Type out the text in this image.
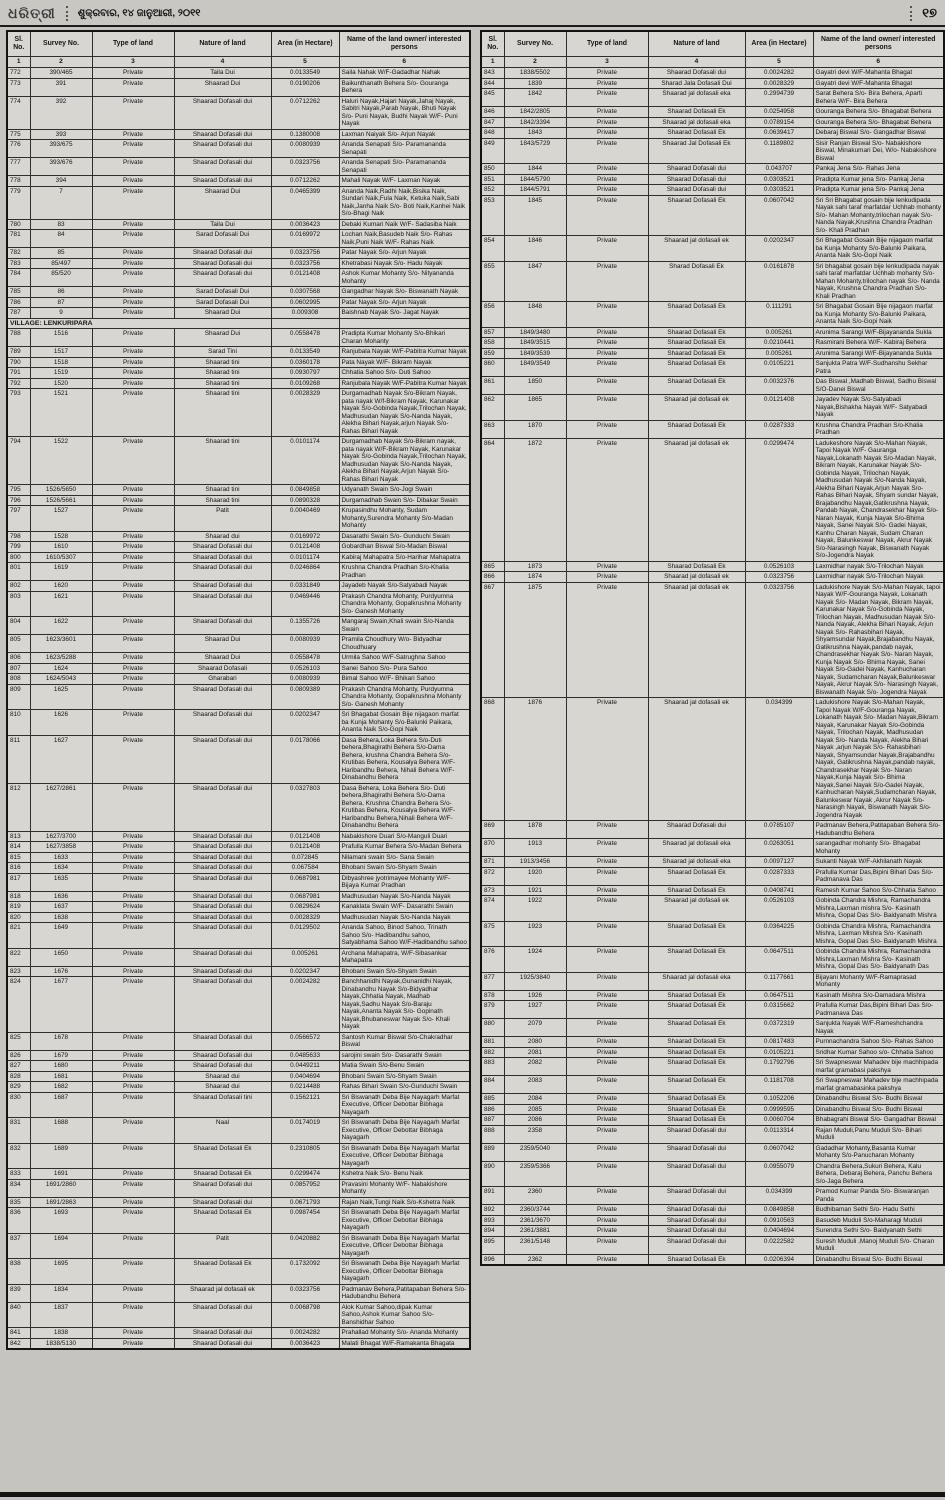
ଧରିତ୍ରୀ ଶୁକ୍ରବାର, ୧୪ ଜାନୁଆରୀ, ୨୦୧୧	୧୭
Sl. No.	Survey No.	Type of land	Nature of land	Area (in Hectare)	Name of the land owner/ interested persons
1	2	3	4	5	6
772	390/465	Private	Taila Dui	0.0133549	Saila Nahak W/F-Gadadhar Nahak
773	391	Private	Shaarad Dui	0.0190206	Baikunthanath Behera S/o- Gouranga Behera
774	392	Private	Shaarad Dofasali dui	0.0712262	Haluri Nayak,Hajari Nayak,Jahaj Nayak, Sabitri Nayak,Parab Nayak, Bhuti Nayak S/o- Puni Nayak, Budhi Nayak W/F- Puni Nayak
775	393	Private	Shaarad Dofasali dui	0.1380008	Laxman Naiyak S/o- Arjun Nayak
776	393/675	Private	Shaarad Dofasali dui	0.0080939	Ananda Senapati S/o- Paramananda Senapati
777	393/676	Private	Shaarad Dofasali dui	0.0323756	Ananda Senapati S/o- Paramananda Senapati
778	394	Private	Shaarad Dofasali dui	0.0712262	Mahali Nayak W/F- Laxman Nayak
779	7	Private	Shaarad Dui	0.0465399	Ananda Naik,Radhi Naik,Bisika Naik, Sundari Naik,Fula Naik, Ketuka Naik,Sabi Naik,Janha Naik S/o- Boti Naik,Kanhei Naik S/o-Bhagi Naik
780	83	Private	Taila Dui	0.0036423	Debaki Kumari Naik W/F- Sadasiba Naik
781	84	Private	Sarad Dofasali Dui	0.0169972	Lochan Naik,Basudeb Naik S/o- Rahas Naik,Puni Naik W/F- Rahas Naik
782	85	Private	Shaarad Dofasali dui	0.0323756	Patar Nayak S/o- Arjun Nayak
783	85/497	Private	Shaarad Dofasali dui	0.0323756	Khetrabasi Nayak S/o- Hadu Nayak
784	85/520	Private	Shaarad Dofasali dui	0.0121408	Ashok Kumar Mohanty S/o- Nityananda Mohanty
785	86	Private	Sarad Dofasali Dui	0.0307568	Gangadhar Nayak S/o- Biswanath Nayak
786	87	Private	Sarad Dofasali Dui	0.0602995	Patar Nayak S/o- Arjun Nayak
787	9	Private	Shaarad Dui	0.009308	Baishnab Nayak S/o- Jagat Nayak
VILLAGE: LENKURIPARA					
788	1516	Private	Shaarad Dui	0.0558478	Pradipta Kumar Mohanty S/o-Bhikari Charan Mohanty
789	1517	Private	Sarad Tini	0.0133549	Ranjubala Nayak W/F-Pabitra Kumar Nayak
790	1518	Private	Shaarad tini	0.0360178	Pata Nayak W/F- Bikram Nayak
791	1519	Private	Shaarad tini	0.0930797	Chhatia Sahoo S/o- Duti Sahoo
792	1520	Private	Shaarad tini	0.0109268	Ranjubala Nayak W/F-Pabitra Kumar Nayak
793	1521	Private	Shaarad tini	0.0028329	Durgamadhab Nayak S/o-Bikram Nayak, pata nayak W/f-Bikram Nayak, Karunakar Nayak S/o-Gobinda Nayak,Trilochan Nayak, Madhusudan Nayak S/o-Nanda Nayak, Alekha Bihari Nayak,arjun Nayak S/o- Rahas Bihari Nayak
794	1522	Private	Shaarad tini	0.0101174	Durgamadhab Nayak S/o-Bikram nayak, pata nayak W/F-Bikram Nayak, Karunakar Nayak S/o-Gobinda Nayak,Trilochan Nayak, Madhusudan Nayak S/o-Nanda Nayak, Alekha Bihari Nayak,Arjun Nayak S/o- Rahas Bihari Nayak
795	1526/5650	Private	Shaarad tini	0.0849858	Udyanath Swain S/o-Jogi Swain
796	1526/5661	Private	Shaarad tini	0.0890328	Durgamadhab Swain S/o- Dibakar Swain
797	1527	Private	Patit	0.0040469	Krupasindhu Mohanty, Sudam Mohanty,Surendra Mohanty S/o-Madan Mohanty
798	1528	Private	Shaarad dui	0.0169972	Dasarathi Swain S/o- Gunduchi Swain
799	1610	Private	Shaarad Dofasali dui	0.0121408	Gobardhan Biswal S/o-Madan Biswal
800	1610/5307	Private	Shaarad Dofasali dui	0.0101174	Kabiraj Mahapatra S/o-Harihar Mahapatra
801	1619	Private	Shaarad Dofasali dui	0.0246864	Krushna Chandra Pradhan S/o-Khalia Pradhan
802	1620	Private	Shaarad Dofasali dui	0.0331849	Jayadeb Nayak S/o-Satyabadi Nayak
803	1621	Private	Shaarad Dofasali dui	0.0469446	Prakash Chandra Mohanty, Purdyumna Chandra Mohanty, Gopalkrushna Mohanty S/o- Ganesh Mohanty
804	1622	Private	Shaarad Dofasali dui	0.1355726	Mangaraj Swain,Khali swain S/o-Nanda Swain
805	1623/3601	Private	Shaarad Dui	0.0080939	Pramila Choudhury W/o- Bidyadhar Choudhuary
806	1623/5288	Private	Shaarad Dui	0.0558478	Urmila Sahoo W/F-Satrughna Sahoo
807	1624	Private	Shaarad Dofasali	0.0526103	Sanei Sahoo S/o- Pura Sahoo
808	1624/5043	Private	Gharabari	0.0080939	Bimal Sahoo W/F- Bhikari Sahoo
809	1625	Private	Shaarad Dofasali dui	0.0809389	Prakash Chandra Mohanty, Purdyumna Chandra Mohanty, Gopalkrushna Mohanty S/o- Ganesh Mohanty
810	1626	Private	Shaarad Dofasali dui	0.0202347	Sri Bhagabat Gosain Bije nijagaon marfat ba Kunja Mohanty S/o-Balunki Paikara, Ananta Naik S/o-Gopi Naik
811	1627	Private	Shaarad Dofasali dui	0.0178066	Dasa Behera,Loka Behera S/o-Duti behera,Bhagirathi Behera S/o-Dama Behera, krushna Chandra Behera S/o-Krutibas Behera, Kousalya Behera W/F-Haribandhu Behera, Nihali Behera W/F-Dinabandhu Behera
812	1627/2861	Private	Shaarad Dofasali dui	0.0327803	Dasa Behera, Loka Behera S/o- Duti behera,Bhagirathi Behera S/o-Dama Behera, Krushna Chandra Behera S/o-Krutibas Behera, Kousalya Behera W/F-Haribandhu Behera,Nihali Behera W/F-Dinabandhu Behera
813	1627/3700	Private	Shaarad Dofasali dui	0.0121408	Nabakishore Duari S/o-Manguli Duari
814	1627/3858	Private	Shaarad Dofasali dui	0.0121408	Prafulla Kumar Behera S/o-Madan Behera
815	1633	Private	Shaarad Dofasali dui	0.072845	Nilamani swain S/o- Sana Swain
816	1634	Private	Shaarad Dofasali dui	0.067584	Bhobani Swain S/o-Shyam Swain
817	1635	Private	Shaarad Dofasali dui	0.0687981	Dibyashree jyotrimayee Mohanty W/F-Bijaya Kumar Pradhan
818	1636	Private	Shaarad Dofasali dui	0.0687981	Madhusudan Nayak S/o-Nanda Nayak
819	1637	Private	Shaarad Dofasali dui	0.0829624	Kanaklata Swain W/F- Dasarathi Swain
820	1638	Private	Shaarad Dofasali dui	0.0028329	Madhusudan Nayak S/o-Nanda Nayak
821	1649	Private	Shaarad Dofasali dui	0.0129502	Ananda Sahoo, Binod Sahoo, Trinath Sahoo S/o- Hadibandhu sahoo, Satyabhama Sahoo W/F-Hadibandhu sahoo
822	1650	Private	Shaarad Dofasali dui	0.005261	Archana Mahapatra, W/F-Sibasankar Mahapatra
823	1676	Private	Shaarad Dofasali dui	0.0202347	Bhobani Swain S/o-Shyam Swain
824	1677	Private	Shaarad Dofasali dui	0.0024282	Banchhanidhi Nayak,Gunanidhi Nayak, Dinabandhu Nayak S/o-Bidyadhar Nayak,Chhatia Nayak, Madhab Nayak,Sadhu Nayak S/o-Baraju Nayak,Ananta Nayak S/o- Gopinath Nayak,Bhubaneswar Nayak S/o- Khali Nayak
825	1678	Private	Shaarad Dofasali dui	0.0566572	Santosh Kumar Biswal S/o-Chakradhar Biswal
826	1679	Private	Shaarad Dofasali dui	0.0485633	sarojini swain S/o- Dasarathi Swain
827	1680	Private	Shaarad Dofasali dui	0.0449211	Matia Swain S/o-Benu Swain
828	1681	Private	Shaarad dui	0.0404694	Bhobani Swain S/o-Shyam Swain
829	1682	Private	Shaarad dui	0.0214488	Rahas Bihari Swain S/o-Gunduchi Swain
830	1687	Private	Shaarad Dofasali tini	0.1562121	Sri Biswanath Deba Bije Nayagarh Marfat Executive, Officer Debottar Bibhaga Nayagarh
831	1688	Private	Naal	0.0174019	Sri Biswanath Deba Bije Nayagarh Marfat Executive, Officer Debottar Bibhaga Nayagarh
832	1689	Private	Shaarad Dofasali Ek	0.2310805	Sri Biswanath Deba Bije Nayagarh Marfat Executive, Officer Debottar Bibhaga Nayagarh
833	1691	Private	Shaarad Dofasali Ek	0.0299474	Kshetra Naik S/o- Benu Naik
834	1691/2860	Private	Shaarad Dofasali dui	0.0857952	Pravasini Mohanty W/F- Nabakishore Mohanty
835	1691/2863	Private	Shaarad Dofasali dui	0.0671793	Rajan Naik,Tungi Naik S/o-Kshetra Naik
836	1693	Private	Shaarad Dofasali Ek	0.0987454	Sri Biswanath Deba Bije Nayagarh Marfat Executive, Officer Debottar Bibhaga Nayagarh
837	1694	Private	Patit	0.0420882	Sri Biswanath Deba Bije Nayagarh Marfat Executive, Officer Debottar Bibhaga Nayagarh
838	1695	Private	Shaarad Dofasali Ek	0.1732092	Sri Biswanath Deba Bije Nayagarh Marfat Executive, Officer Debottar Bibhaga Nayagarh
839	1834	Private	Shaarad jal dofasali ek	0.0323756	Padmanav Behera,Patitapaban Behera S/o- Hadubandhu Behera
840	1837	Private	Shaarad Dofasali dui	0.0068798	Alok Kumar Sahoo,dipak Kumar Sahoo,Ashok Kumar Sahoo S/o- Banshidhar Sahoo
841	1838	Private	Shaarad Dofasali dui	0.0024282	Prahallad Mohanty S/o- Ananda Mohanty
842	1838/5130	Private	Shaarad Dofasali dui	0.0036423	Malati Bhagat W/F-Ramakanta Bhagata
Sl. No.	Survey No.	Type of land	Nature of land	Area (in Hectare)	Name of the land owner/ interested persons
1	2	3	4	5	6
843	1838/5502	Private	Shaarad Dofasali dui	0.0024282	Gayatri devi W/F-Mahanta Bhagat
844	1839	Private	Sharad Jala Dofasali Dui	0.0028329	Gayatri devi W/F-Mahanta Bhagat
845	1842	Private	Shaarad jal dofasali eka	0.2994739	Sarat Behera S/o- Bira Behera, Aparti Behera W/F- Bira Behera
846	1842/2805	Private	Shaarad Dofasali Ek	0.0254958	Gouranga Behera S/o- Bhagabat Behera
847	1842/3394	Private	Shaarad jal dofasali eka	0.0789154	Gouranga Behera S/o- Bhagabat Behera
848	1843	Private	Shaarad Dofasali Ek	0.0639417	Debaraj Biswal S/o- Gangadhar Biswal
849	1843/5729	Private	Shaarad Jal Dofasali Ek	0.1189802	Sisir Ranjan Biswal S/o- Nabakishore Biswal, Minakumari Dei, W/o- Nabakishore Biswal
850	1844	Private	Shaarad Dofasali dui	0.043707	Pankaj Jena S/o- Rahas Jena
851	1844/5790	Private	Shaarad Dofasali dui	0.0303521	Pradipta Kumar jena S/o- Pankaj Jena
852	1844/5791	Private	Shaarad Dofasali dui	0.0303521	Pradipta Kumar jena S/o- Pankaj Jena
853	1845	Private	Shaarad Dofasali Ek	0.0607042	Sri Sri Bhagabat gosain bije lenkudipada Nayak sahi taraf marfatdar Uchhab mohanty S/o- Mahan Mohanty,trilochan nayak S/o- Nanda Nayak,Krushna Chandra Pradhan S/o- Khali Pradhan
854	1846	Private	Shaarad jal dofasali ek	0.0202347	Sri Bhagabat Gosain Bije nijagaon marfat ba Kunja Mohanty S/o-Balunki Paikara, Ananta Naik S/o-Gopi Naik
855	1847	Private	Sharad Dofasali Ek	0.0161878	Sri bhagabat gosain bije lenkudipada nayak sahi taraf marfatdar Uchhab mohanty S/o- Mahan Mohanty,trilochan nayak S/o- Nanda Nayak, Krushna Chandra Pradhan S/o- Khali Pradhan
856	1848	Private	Shaarad Dofasali Ek	0.111291	Sri Bhagabat Gosain Bije nijagaon marfat ba Kunja Mohanty S/o-Balunki Paikara, Ananta Naik S/o-Gopi Naik
857	1849/3480	Private	Shaarad Dofasali Ek	0.005261	Arunima Sarangi W/F-Bijayananda Sukla
858	1849/3515	Private	Shaarad Dofasali Ek	0.0210441	Rasmirani Behera W/F- Kabiraj Behera
859	1849/3539	Private	Shaarad Dofasali Ek	0.005261	Arunima Sarangi W/F-Bijayananda Sukla
860	1849/3549	Private	Shaarad Dofasali Ek	0.0105221	Sanjukta Patra W/F-Sudhanshu Sekhar Patra
861	1850	Private	Shaarad Dofasali Ek	0.0032376	Das Biswal ,Madhab Biswal, Sadhu Biswal S/O-Danei Biswal
862	1865	Private	Shaarad jal dofasali ek	0.0121408	Jayadev Nayak S/o-Satyabadi Nayak,Bishakha Nayak W/F- Satyabadi Nayak
863	1870	Private	Shaarad Dofasali Ek	0.0287333	Krushna Chandra Pradhan S/o-Khalia Pradhan
864	1872	Private	Shaarad jal dofasali ek	0.0299474	Ladukeshore Nayak S/o-Mahan Nayak, Tapoi Nayak W/F- Gauranga Nayak,Lokanath Nayak S/o-Madan Nayak, Bikram Nayak, Karunakar Nayak S/o-Gobinda Nayak, Trilochan Nayak, Madhusudan Nayak S/o-Nanda Nayak, Alekha Bihari Nayak,Arjun Nayak S/o-Rahas Bihari Nayak, Shyam sundar Nayak, Brajabandhu Nayak,Gatikrushna Nayak, Pandab Nayak, Chandrasekhar Nayak S/o-Naran Nayak, Kunja Nayak S/o-Bhima Nayak, Sanei Nayak S/o- Gadei Nayak, Kanhu Charan Nayak, Sudam Charan Nayak, Balunkeswar Nayak, Akrur Nayak S/o-Narasingh Nayak, Biswanath Nayak S/o-Jogendra Nayak
865	1873	Private	Shaarad Dofasali Ek	0.0526103	Laxmidhar nayak S/o-Trilochan Nayak
866	1874	Private	Shaarad jal dofasali ek	0.0323756	Laxmidhar nayak S/o-Trilochan Nayak
867	1875	Private	Shaarad jal dofasali ek	0.0323756	Ladukishore Nayak S/o-Mahan Nayak, tapoi Nayak W/F-Gouranga Nayak, Lokanath Nayak S/o- Madan Nayak, Bikram Nayak, Karunakar Nayak S/o-Gobinda Nayak, Trilochan Nayak, Madhusudan Nayak S/o- Nanda Nayak, Alekha Bihari Nayak, Arjun Nayak S/o- Rahasbihari Nayak, Shyamsundar Nayak,Brajabandhu Nayak, Gatikrushna Nayak,pandab nayak, Chandrasekhar Nayak S/o- Naran Nayak, Kunja Nayak S/o- Bhima Nayak, Sanei Nayak S/o-Gadei Nayak, Kanhucharan Nayak, Sudamcharan Nayak,Balunkeswar Nayak, Akrur Nayak S/o- Narasingh Nayak, Biswanath Nayak S/o- Jogendra Nayak
868	1876	Private	Shaarad jal dofasali ek	0.034399	Ladukishore Nayak S/o-Mahan Nayak, Tapoi Nayak W/F-Gouranga Nayak, Lokanath Nayak S/o- Madan Nayak,Bikram Nayak, Karunakar Nayak S/o-Gobinda Nayak, Trilochan Nayak, Madhusudan Nayak S/o- Nanda Nayak, Alekha Bihari Nayak ,arjun Nayak S/o- Rahasbihari Nayak, Shyamsundar Nayak,Brajabandhu Nayak, Gatikrushna Nayak,pandab nayak, Chandrasekhar Nayak S/o- Naran Nayak,Kunja Nayak S/o- Bhima Nayak,Sanei Nayak S/o-Gadei Nayak, Kanhucharan Nayak,Sudamcharan Nayak, Balunkeswar Nayak ,Akrur Nayak S/o- Narasingh Nayak, Biswanath Nayak S/o- Jogendra Nayak
869	1878	Private	Shaarad Dofasali dui	0.0785107	Padmanav Behera,Patitapaban Behera S/o- Hadubandhu Behera
870	1913	Private	Shaarad jal dofasali eka	0.0263051	sarangadhar mohanty S/o- Bhagabat Mohanty
871	1913/3456	Private	Shaarad jal dofasali eka	0.0097127	Sukanti Nayak W/F-Akhilanath Nayak
872	1920	Private	Shaarad Dofasali Ek	0.0287333	Prafulla Kumar Das,Bipini Bihari Das S/o- Padmanava Das
873	1921	Private	Shaarad Dofasali Ek	0.0408741	Ramesh Kumar Sahoo S/o-Chhatia Sahoo
874	1922	Private	Shaarad jal dofasali ek	0.0526103	Gobinda Chandra Mishra, Ramachandra Mishra,Laxman mishra S/o- Kasinath Mishra, Gopal Das S/o- Baidyanath Mishra
875	1923	Private	Shaarad Dofasali Ek	0.0364225	Gobinda Chandra Mishra, Ramachandra Mishra, Laxman Mishra S/o- Kasinath Mishra, Gopal Das S/o- Baidyanath Mishra
876	1924	Private	Shaarad Dofasali Ek	0.0647511	Gobinda Chandra Mishra, Ramachandra Mishra,Laxman Mishra S/o- Kasinath Mishra, Gopal Das S/o- Baidyanath Das
877	1925/3840	Private	Shaarad jal dofasali eka	0.1177661	Bijayani Mohanty W/F-Ramaprasad Mohanty
878	1926	Private	Shaarad Dofasali Ek	0.0647511	Kasinath Mishra S/o-Damadara Mishra
879	1927	Private	Shaarad Dofasali Ek	0.0315662	Prafulla Kumar Das,Bipini Bihari Das S/o- Padmanava Das
880	2079	Private	Shaarad Dofasali Ek	0.0372319	Sanjukta Nayak W/F-Rameshchandra Nayak
881	2080	Private	Shaarad Dofasali Ek	0.0817483	Purnnachandra Sahoo S/o- Rahas Sahoo
882	2081	Private	Shaarad Dofasali Ek	0.0105221	Sridhar Kumar Sahoo s/o- Chhatia Sahoo
883	2082	Private	Shaarad Dofasali Ek	0.1792796	Sri Swapneswar Mahadev bije machhipada marfat gramabasi pakshya
884	2083	Private	Shaarad Dofasali Ek	0.1181708	Sri Swapneswar Mahadev bije machhipada marfat gramabasinka pakshya
885	2084	Private	Shaarad Dofasali Ek	0.1052206	Dinabandhu Biswal S/o- Budhi Biswal
886	2085	Private	Shaarad Dofasali Ek	0.0999595	Dinabandhu Biswal S/o- Budhi Biswal
887	2086	Private	Shaarad Dofasali Ek	0.0060704	Bhabagrahi Biswal S/o- Gangadhar Biswal
888	2358	Private	Shaarad Dofasali dui	0.0113314	Rajan Muduli,Panu Muduli S/o- Bihari Muduli
889	2359/5040	Private	Shaarad Dofasali dui	0.0607042	Gadadhar Mohanty,Basanta Kumar Mohanty S/o-Panucharan Mohanty
890	2359/5366	Private	Shaarad Dofasali dui	0.0955079	Chandra Behera,Sukuri Behera, Kalu Behera, Debaraj Behera, Panchu Behera S/o-Jaga Behera
891	2360	Private	Shaarad Dofasali dui	0.034399	Pramod Kumar Panda S/o- Biswaranjan Panda
892	2360/3744	Private	Shaarad Dofasali dui	0.0849858	Budhibaman Sethi S/o- Hadu Sethi
893	2361/3670	Private	Shaarad Dofasali dui	0.0910563	Basudeb Muduli S/o-Maharagi Muduli
894	2361/3881	Private	Shaarad Dofasali dui	0.0404694	Surendra Sethi S/o- Baidyanath Sethi
895	2361/5148	Private	Shaarad Dofasali dui	0.0222582	Suresh Muduli ,Manoj Muduli S/o- Charan Muduli
896	2362	Private	Shaarad Dofasali Ek	0.0206394	Dinabandhu Biswal S/o- Budhi Biswal
